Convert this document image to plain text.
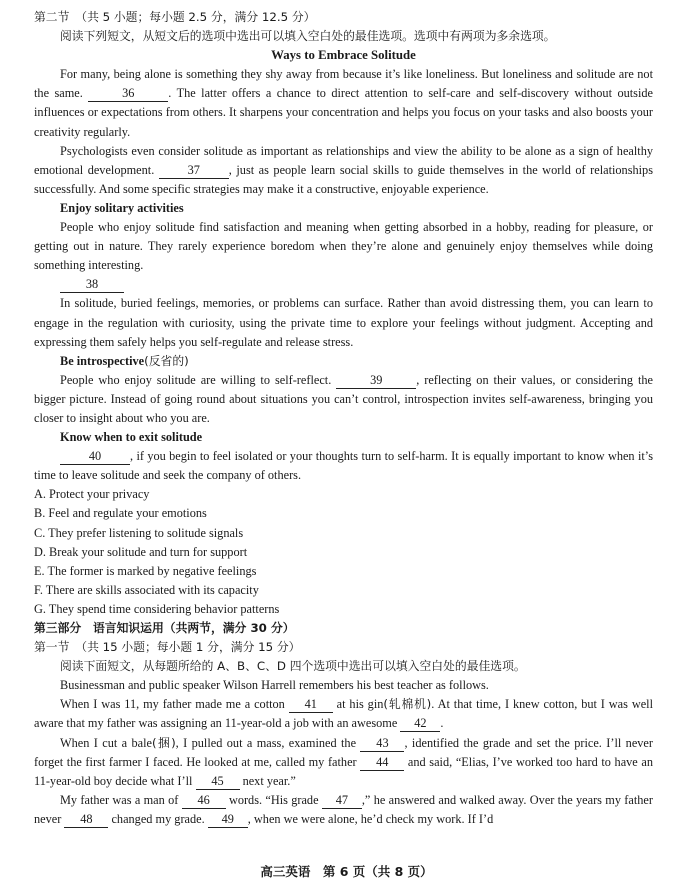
第二节　（共 5 小题；每小题 2.5 分，满分 12.5 分）

阅读下列短文，从短文后的选项中选出可以填入空白处的最佳选项。选项中有两项为多余选项。

Ways to Embrace Solitude

For many, being alone is something they shy away from because it’s like loneliness. But loneliness and solitude are not the same.	36	. The latter offers a chance to direct attention to self-care and self-discovery without outside influences or expectations from others. It sharpens your concentration and helps you focus on your tasks and also boosts your creativity regularly.

Psychologists even consider solitude as important as relationships and view the ability to be alone as a sign of healthy emotional development.	37 , just as people learn social skills to guide themselves in the world of relationships successfully. And some specific strategies may make it a constructive, enjoyable experience.

Enjoy solitary activities

People who enjoy solitude find satisfaction and meaning when getting absorbed in a hobby, reading for pleasure, or getting out in nature. They rarely experience boredom when they’re alone and genuinely enjoy themselves while doing something interesting.

38

In solitude, buried feelings, memories, or problems can surface. Rather than avoid distressing them, you can learn to engage in the regulation with curiosity, using the private time to explore your feelings without judgment. Accepting and expressing them safely helps you self-regulate and release stress.

Be introspective(反省的)

People who enjoy solitude are willing to self-reflect.	39	, reflecting on their values, or considering the bigger picture. Instead of going round about situations you can’t control, introspection invites self-awareness, bringing you closer to insight about who you are.

Know when to exit solitude

40 , if you begin to feel isolated or your thoughts turn to self-harm. It is equally important to know when it’s time to leave solitude and seek the company of others.

A. Protect your privacy

B. Feel and regulate your emotions

C. They prefer listening to solitude signals

D. Break your solitude and turn for support

E. The former is marked by negative feelings

F. There are skills associated with its capacity

G. They spend time considering behavior patterns

第三部分　语言知识运用（共两节，满分 30 分）

第一节　（共 15 小题；每小题 1 分，满分 15 分）

阅读下面短文，从每题所给的 A、B、C、D 四个选项中选出可以填入空白处的最佳选项。

Businessman and public speaker Wilson Harrell remembers his best teacher as follows.

When I was 11, my father made me a cotton 41 at his gin(轧棉机). At that time, I knew cotton, but I was well aware that my father was assigning an 11-year-old a job with an awesome 42 .

When I cut a bale(捆), I pulled out a mass, examined the 43 , identified the grade and set the price. I’ll never forget the first farmer I faced. He looked at me, called my father 44 and said, “Elias, I’ve worked too hard to have an 11-year-old boy decide what I’ll 45 next year.”

My father was a man of 46 words. “His grade 47 ,” he answered and walked away. Over the years my father never 48 changed my grade. 49 , when we were alone, he’d check my work. If I’d

高三英语　第 6 页（共 8 页）
